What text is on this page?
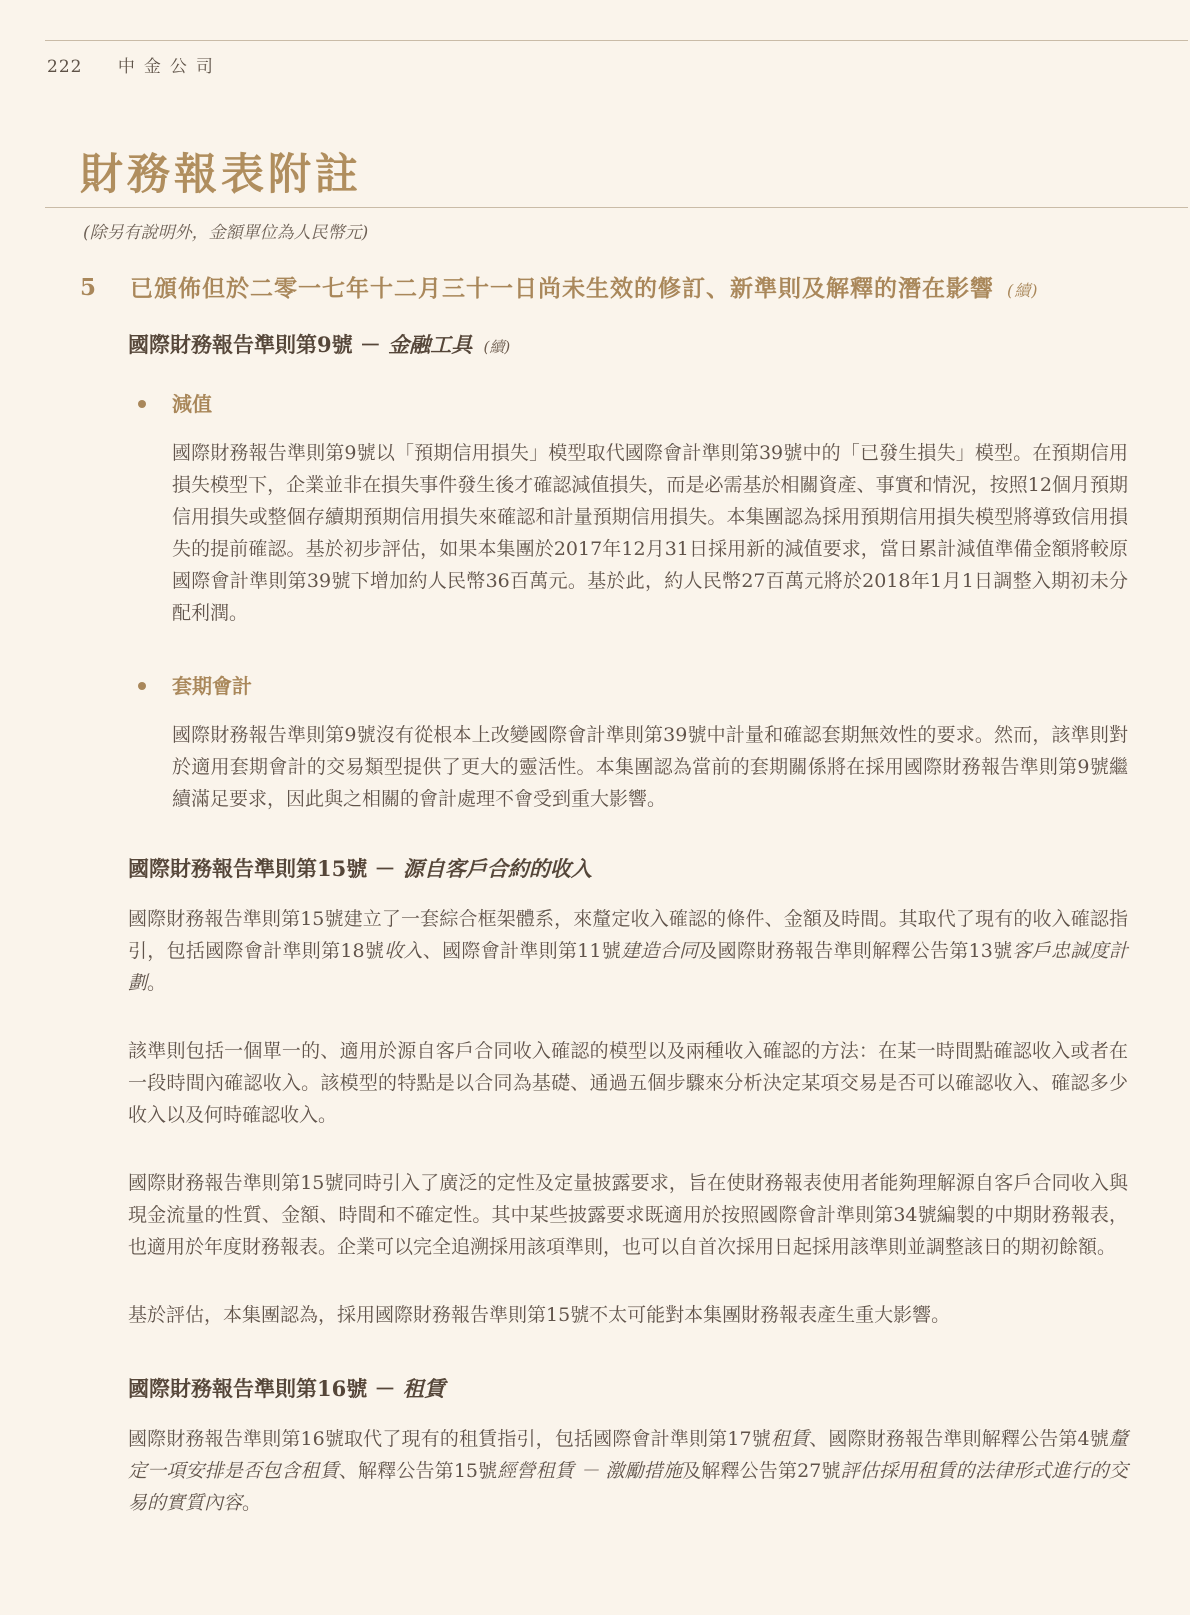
222 中金公司
財務報表附註

(除另有說明外，金額單位為人民幣元)

5	已頒佈但於二零一七年十二月三十一日尚未生效的修訂、新準則及解釋的潛在影響 (續)
國際財務報告準則第9號 － 金融工具 (續)
減值

國際財務報告準則第9號以「預期信用損失」模型取代國際會計準則第39號中的「已發生損失」模型。在預期信用損失模型下，企業並非在損失事件發生後才確認減值損失，而是必需基於相關資產、事實和情況，按照12個月預期信用損失或整個存續期預期信用損失來確認和計量預期信用損失。本集團認為採用預期信用損失模型將導致信用損失的提前確認。基於初步評估，如果本集團於2017年12月31日採用新的減值要求，當日累計減值準備金額將較原國際會計準則第39號下增加約人民幣36百萬元。基於此，約人民幣27百萬元將於2018年1月1日調整入期初未分配利潤。

套期會計

國際財務報告準則第9號沒有從根本上改變國際會計準則第39號中計量和確認套期無效性的要求。然而，該準則對於適用套期會計的交易類型提供了更大的靈活性。本集團認為當前的套期關係將在採用國際財務報告準則第9號繼續滿足要求，因此與之相關的會計處理不會受到重大影響。

國際財務報告準則第15號 － 源自客戶合約的收入

國際財務報告準則第15號建立了一套綜合框架體系，來釐定收入確認的條件、金額及時間。其取代了現有的收入確認指引，包括國際會計準則第18號收入、國際會計準則第11號建造合同及國際財務報告準則解釋公告第13號客戶忠誠度計劃。

該準則包括一個單一的、適用於源自客戶合同收入確認的模型以及兩種收入確認的方法：在某一時間點確認收入或者在一段時間內確認收入。該模型的特點是以合同為基礎、通過五個步驟來分析決定某項交易是否可以確認收入、確認多少收入以及何時確認收入。

國際財務報告準則第15號同時引入了廣泛的定性及定量披露要求，旨在使財務報表使用者能夠理解源自客戶合同收入與現金流量的性質、金額、時間和不確定性。其中某些披露要求既適用於按照國際會計準則第34號編製的中期財務報表，也適用於年度財務報表。企業可以完全追溯採用該項準則，也可以自首次採用日起採用該準則並調整該日的期初餘額。

基於評估，本集團認為，採用國際財務報告準則第15號不太可能對本集團財務報表產生重大影響。

國際財務報告準則第16號 － 租賃

國際財務報告準則第16號取代了現有的租賃指引，包括國際會計準則第17號租賃、國際財務報告準則解釋公告第4號釐定一項安排是否包含租賃、解釋公告第15號經營租賃 － 激勵措施及解釋公告第27號評估採用租賃的法律形式進行的交易的實質內容。
